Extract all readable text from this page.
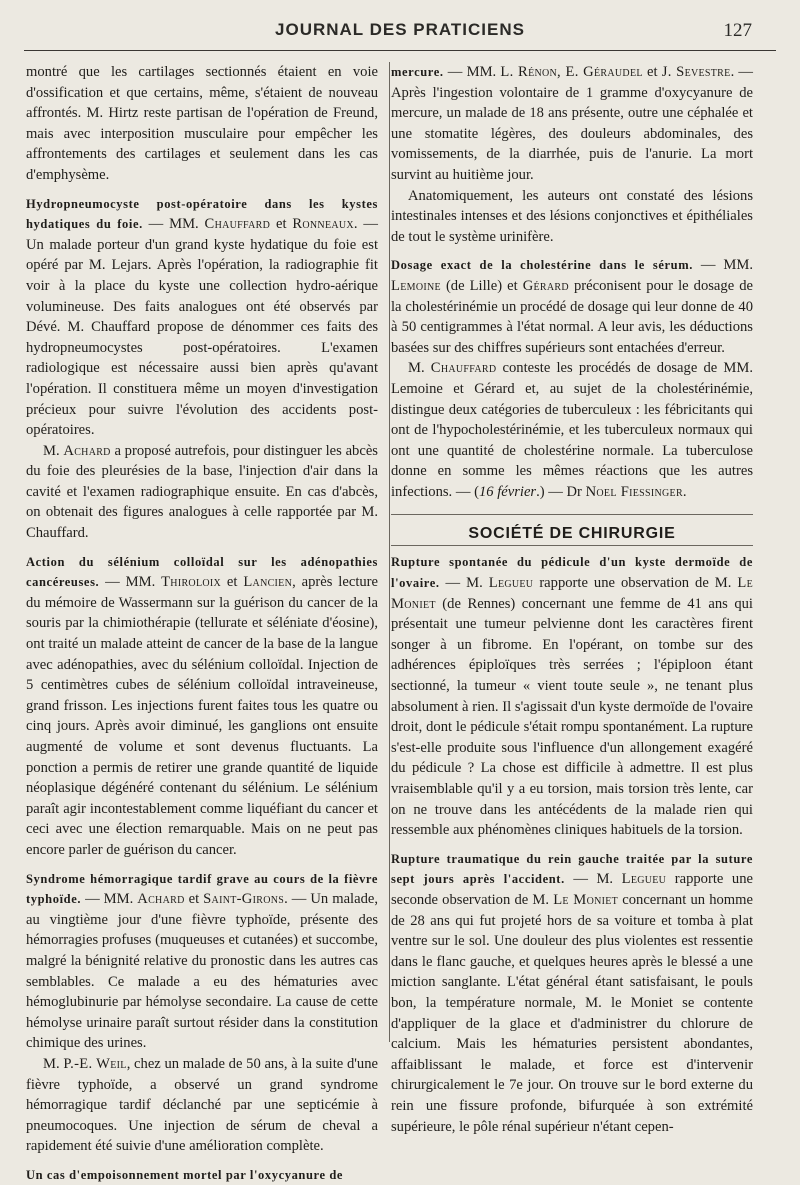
JOURNAL DES PRATICIENS	127

montré que les cartilages sectionnés étaient en voie d'ossification et que certains, même, s'étaient de nouveau affrontés. M. Hirtz reste partisan de l'opération de Freund, mais avec interposition musculaire pour empêcher les affrontements des cartilages et seulement dans les cas d'emphysème.

Hydropneumocyste post-opératoire dans les kystes hydatiques du foie. — MM. Chauffard et Ronneaux. — Un malade porteur d'un grand kyste hydatique du foie est opéré par M. Lejars. Après l'opération, la radiographie fit voir à la place du kyste une collection hydro-aérique volumineuse. Des faits analogues ont été observés par Dévé. M. Chauffard propose de dénommer ces faits des hydropneumocystes post-opératoires. L'examen radiologique est nécessaire aussi bien après qu'avant l'opération. Il constituera même un moyen d'investigation précieux pour suivre l'évolution des accidents post-opératoires.

M. Achard a proposé autrefois, pour distinguer les abcès du foie des pleurésies de la base, l'injection d'air dans la cavité et l'examen radiographique ensuite. En cas d'abcès, on obtenait des figures analogues à celle rapportée par M. Chauffard.

Action du sélénium colloïdal sur les adénopathies cancéreuses. — MM. Thiroloix et Lancien, après lecture du mémoire de Wassermann sur la guérison du cancer de la souris par la chimiothérapie (tellurate et séléniate d'éosine), ont traité un malade atteint de cancer de la base de la langue avec adénopathies, avec du sélénium colloïdal. Injection de 5 centimètres cubes de sélénium colloïdal intraveineuse, grand frisson. Les injections furent faites tous les quatre ou cinq jours. Après avoir diminué, les ganglions ont ensuite augmenté de volume et sont devenus fluctuants. La ponction a permis de retirer une grande quantité de liquide néoplasique dégénéré contenant du sélénium. Le sélénium paraît agir incontestablement comme liquéfiant du cancer et ceci avec une élection remarquable. Mais on ne peut pas encore parler de guérison du cancer.

Syndrome hémorragique tardif grave au cours de la fièvre typhoïde. — MM. Achard et Saint-Girons. — Un malade, au vingtième jour d'une fièvre typhoïde, présente des hémorragies profuses (muqueuses et cutanées) et succombe, malgré la bénignité relative du pronostic dans les autres cas semblables. Ce malade a eu des hématuries avec hémoglubinurie par hémolyse secondaire. La cause de cette hémolyse urinaire paraît surtout résider dans la constitution chimique des urines.

M. P.-E. Weil, chez un malade de 50 ans, à la suite d'une fièvre typhoïde, a observé un grand syndrome hémorragique tardif déclanché par une septicémie à pneumocoques. Une injection de sérum de cheval a rapidement été suivie d'une amélioration complète.

Un cas d'empoisonnement mortel par l'oxycyanure de

mercure. — MM. L. Rénon, E. Géraudel et J. Sevestre. — Après l'ingestion volontaire de 1 gramme d'oxycyanure de mercure, un malade de 18 ans présente, outre une céphalée et une stomatite légères, des douleurs abdominales, des vomissements, de la diarrhée, puis de l'anurie. La mort survint au huitième jour.

Anatomiquement, les auteurs ont constaté des lésions intestinales intenses et des lésions conjonctives et épithéliales de tout le système urinifère.

Dosage exact de la cholestérine dans le sérum. — MM. Lemoine (de Lille) et Gérard préconisent pour le dosage de la cholestérinémie un procédé de dosage qui leur donne de 40 à 50 centigrammes à l'état normal. A leur avis, les déductions basées sur des chiffres supérieurs sont entachées d'erreur.

M. Chauffard conteste les procédés de dosage de MM. Lemoine et Gérard et, au sujet de la cholestérinémie, distingue deux catégories de tuberculeux : les fébricitants qui ont de l'hypocholestérinémie, et les tuberculeux normaux qui ont une quantité de cholestérine normale. La tuberculose donne en somme les mêmes réactions que les autres infections. — (16 février.) — Dr Noel Fiessinger.

SOCIÉTÉ DE CHIRURGIE

Rupture spontanée du pédicule d'un kyste dermoïde de l'ovaire. — M. Legueu rapporte une observation de M. Le Moniet (de Rennes) concernant une femme de 41 ans qui présentait une tumeur pelvienne dont les caractères firent songer à un fibrome. En l'opérant, on tombe sur des adhérences épiploïques très serrées ; l'épiploon étant sectionné, la tumeur « vient toute seule », ne tenant plus absolument à rien. Il s'agissait d'un kyste dermoïde de l'ovaire droit, dont le pédicule s'était rompu spontanément. La rupture s'est-elle produite sous l'influence d'un allongement exagéré du pédicule ? La chose est difficile à admettre. Il est plus vraisemblable qu'il y a eu torsion, mais torsion très lente, car on ne trouve dans les antécédents de la malade rien qui ressemble aux phénomènes cliniques habituels de la torsion.

Rupture traumatique du rein gauche traitée par la suture sept jours après l'accident. — M. Legueu rapporte une seconde observation de M. Le Moniet concernant un homme de 28 ans qui fut projeté hors de sa voiture et tomba à plat ventre sur le sol. Une douleur des plus violentes est ressentie dans le flanc gauche, et quelques heures après le blessé a une miction sanglante. L'état général étant satisfaisant, le pouls bon, la température normale, M. le Moniet se contente d'appliquer de la glace et d'administrer du chlorure de calcium. Mais les hématuries persistent abondantes, affaiblissant le malade, et force est d'intervenir chirurgicalement le 7e jour. On trouve sur le bord externe du rein une fissure profonde, bifurquée à son extrémité supérieure, le pôle rénal supérieur n'étant cepen-
